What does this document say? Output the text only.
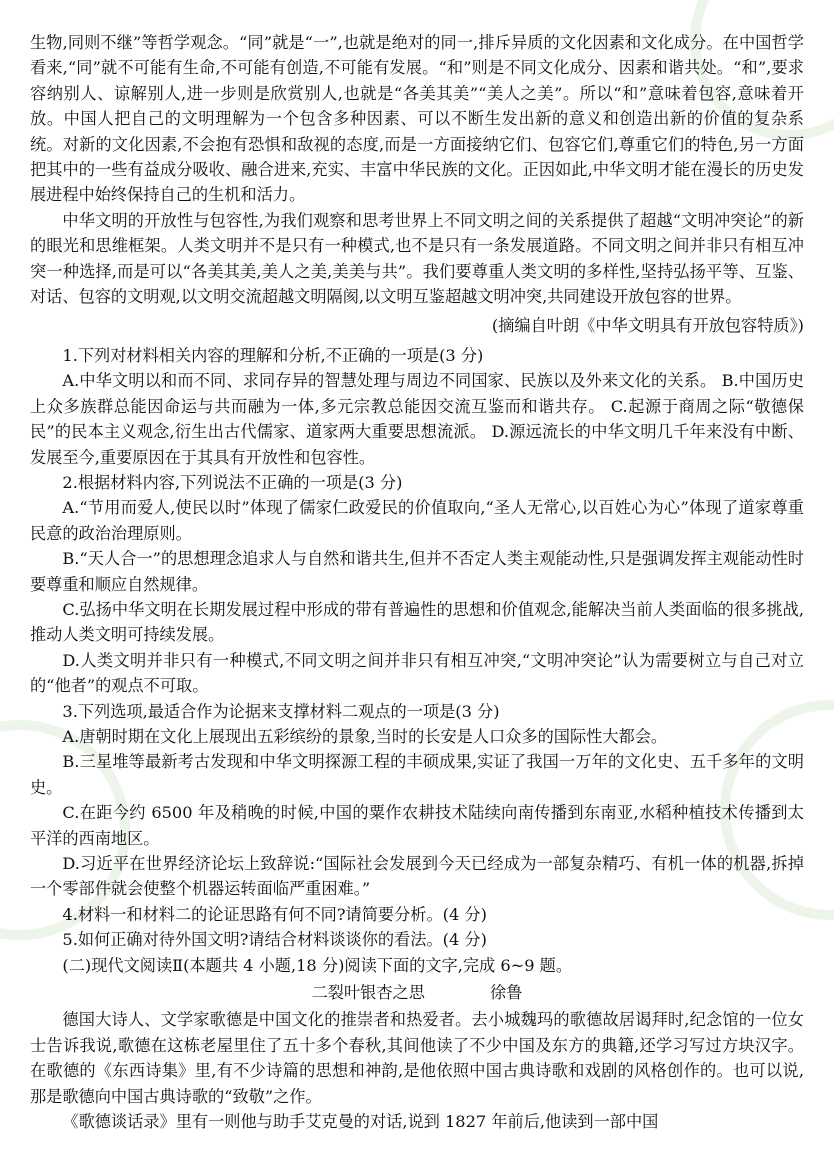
生物,同则不继”等哲学观念。“同”就是“一”,也就是绝对的同一,排斥异质的文化因素和文化成分。在中国哲学看来,“同”就不可能有生命,不可能有创造,不可能有发展。“和”则是不同文化成分、因素和谐共处。“和”,要求容纳别人、谅解别人,进一步则是欣赏别人,也就是“各美其美”“美人之美”。所以“和”意味着包容,意味着开放。中国人把自己的文明理解为一个包含多种因素、可以不断生发出新的意义和创造出新的价值的复杂系统。对新的文化因素,不会抱有恐惧和敌视的态度,而是一方面接纳它们、包容它们,尊重它们的特色,另一方面把其中的一些有益成分吸收、融合进来,充实、丰富中华民族的文化。正因如此,中华文明才能在漫长的历史发展进程中始终保持自己的生机和活力。

中华文明的开放性与包容性,为我们观察和思考世界上不同文明之间的关系提供了超越“文明冲突论”的新的眼光和思维框架。人类文明并不是只有一种模式,也不是只有一条发展道路。不同文明之间并非只有相互冲突一种选择,而是可以“各美其美,美人之美,美美与共”。我们要尊重人类文明的多样性,坚持弘扬平等、互鉴、对话、包容的文明观,以文明交流超越文明隔阂,以文明互鉴超越文明冲突,共同建设开放包容的世界。

(摘编自叶朗《中华文明具有开放包容特质》)

1.下列对材料相关内容的理解和分析,不正确的一项是(3 分)

A.中华文明以和而不同、求同存异的智慧处理与周边不同国家、民族以及外来文化的关系。 B.中国历史上众多族群总能因命运与共而融为一体,多元宗教总能因交流互鉴而和谐共存。 C.起源于商周之际“敬德保民”的民本主义观念,衍生出古代儒家、道家两大重要思想流派。 D.源远流长的中华文明几千年来没有中断、发展至今,重要原因在于其具有开放性和包容性。

2.根据材料内容,下列说法不正确的一项是(3 分)

A.“节用而爱人,使民以时”体现了儒家仁政爱民的价值取向,“圣人无常心,以百姓心为心”体现了道家尊重民意的政治治理原则。

B.“天人合一”的思想理念追求人与自然和谐共生,但并不否定人类主观能动性,只是强调发挥主观能动性时要尊重和顺应自然规律。

C.弘扬中华文明在长期发展过程中形成的带有普遍性的思想和价值观念,能解决当前人类面临的很多挑战,推动人类文明可持续发展。

D.人类文明并非只有一种模式,不同文明之间并非只有相互冲突,“文明冲突论”认为需要树立与自己对立的“他者”的观点不可取。

3.下列选项,最适合作为论据来支撑材料二观点的一项是(3 分)

A.唐朝时期在文化上展现出五彩缤纷的景象,当时的长安是人口众多的国际性大都会。

B.三星堆等最新考古发现和中华文明探源工程的丰硕成果,实证了我国一万年的文化史、五千多年的文明史。

C.在距今约 6500 年及稍晚的时候,中国的粟作农耕技术陆续向南传播到东南亚,水稻种植技术传播到太平洋的西南地区。

D.习近平在世界经济论坛上致辞说:“国际社会发展到今天已经成为一部复杂精巧、有机一体的机器,拆掉一个零部件就会使整个机器运转面临严重困难。”

4.材料一和材料二的论证思路有何不同?请简要分析。(4 分)

5.如何正确对待外国文明?请结合材料谈谈你的看法。(4 分)

(二)现代文阅读Ⅱ(本题共 4 小题,18 分)阅读下面的文字,完成 6~9 题。

二裂叶银杏之思	徐鲁

德国大诗人、文学家歌德是中国文化的推崇者和热爱者。去小城魏玛的歌德故居谒拜时,纪念馆的一位女士告诉我说,歌德在这栋老屋里住了五十多个春秋,其间他读了不少中国及东方的典籍,还学习写过方块汉字。在歌德的《东西诗集》里,有不少诗篇的思想和神韵,是他依照中国古典诗歌和戏剧的风格创作的。也可以说,那是歌德向中国古典诗歌的“致敬”之作。

《歌德谈话录》里有一则他与助手艾克曼的对话,说到 1827 年前后,他读到一部中国
